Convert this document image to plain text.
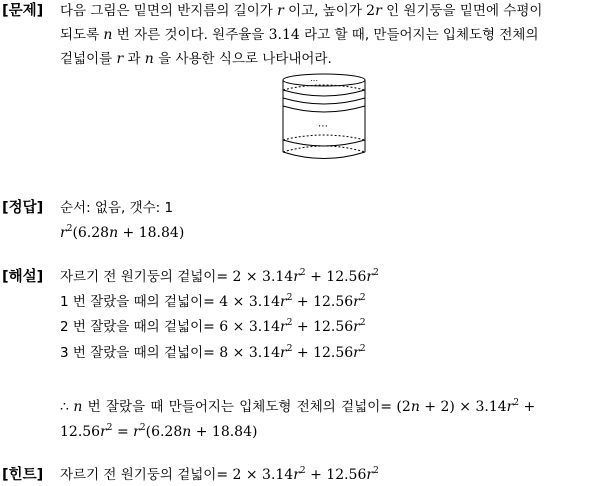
[문제] 다음 그림은 밑면의 반지름의 길이가 r 이고, 높이가 2r 인 원기둥을 밑면에 수평이
되도록 n 번 자른 것이다. 원주율을 3.14 라고 할 때, 만들어지는 입체도형 전체의
겉넓이를 r 과 n 을 사용한 식으로 나타내어라.
⋯
⋯
[정답] 순서: 없음, 갯수: 1
$r^2(6.28n + 18.84)$
[해설] 자르기 전 원기둥의 겉넓이= $2 \times 3.14r^2 + 12.56r^2$
1 번 잘랐을 때의 겉넓이= $4 \times 3.14r^2 + 12.56r^2$
2 번 잘랐을 때의 겉넓이= $6 \times 3.14r^2 + 12.56r^2$
3 번 잘랐을 때의 겉넓이= $8 \times 3.14r^2 + 12.56r^2$
∴ n 번 잘랐을 때 만들어지는 입체도형 전체의 겉넓이= $(2n + 2) \times 3.14r^2$ +
$12.56r^2 = r^2(6.28n + 18.84)$
[힌트] 자르기 전 원기둥의 겉넓이= $2 \times 3.14r^2 + 12.56r^2$
